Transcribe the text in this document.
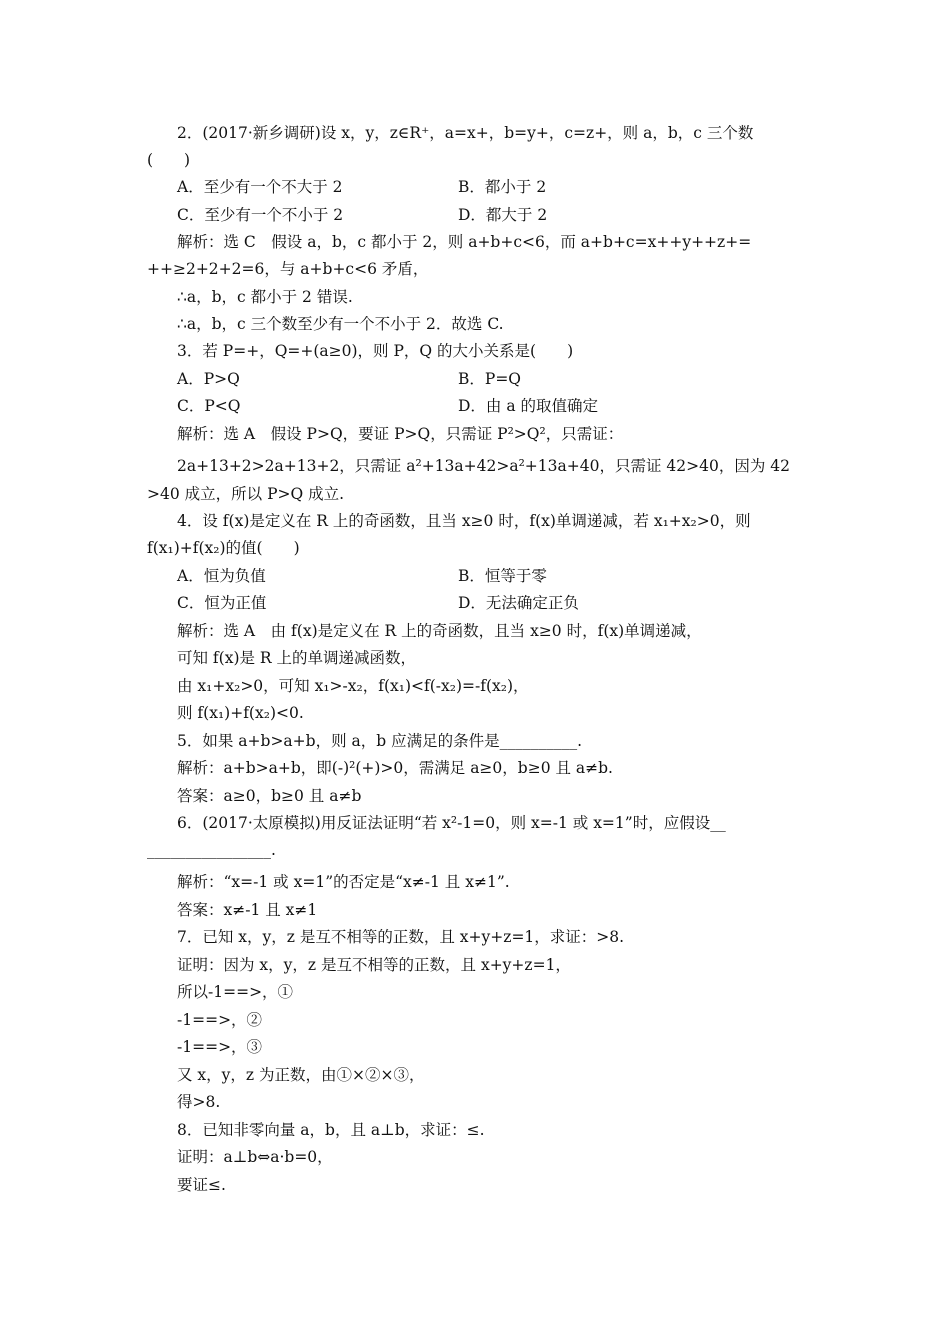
2．(2017·新乡调研)设 x，y，z∈R⁺，a=x+，b=y+，c=z+，则 a，b，c 三个数
(　　)
A．至少有一个不大于 2	B．都小于 2
C．至少有一个不小于 2	D．都大于 2
解析：选 C　假设 a，b，c 都小于 2，则 a+b+c<6，而 a+b+c=x++y++z+=
++≥2+2+2=6，与 a+b+c<6 矛盾，
∴a，b，c 都小于 2 错误.
∴a，b，c 三个数至少有一个不小于 2．故选 C.
3．若 P=+，Q=+(a≥0)，则 P，Q 的大小关系是(　　)
A．P>Q	B．P=Q
C．P<Q	D．由 a 的取值确定
解析：选 A　假设 P>Q，要证 P>Q，只需证 P²>Q²，只需证：
2a+13+2>2a+13+2，只需证 a²+13a+42>a²+13a+40，只需证 42>40，因为 42
>40 成立，所以 P>Q 成立.
4．设 f(x)是定义在 R 上的奇函数，且当 x≥0 时，f(x)单调递减，若 x₁+x₂>0，则
f(x₁)+f(x₂)的值(　　)
A．恒为负值	B．恒等于零
C．恒为正值	D．无法确定正负
解析：选 A　由 f(x)是定义在 R 上的奇函数，且当 x≥0 时，f(x)单调递减，
可知 f(x)是 R 上的单调递减函数，
由 x₁+x₂>0，可知 x₁>-x₂，f(x₁)<f(-x₂)=-f(x₂)，
则 f(x₁)+f(x₂)<0.
5．如果 a+b>a+b，则 a，b 应满足的条件是__________.
解析：a+b>a+b，即(-)²(+)>0，需满足 a≥0，b≥0 且 a≠b.
答案：a≥0，b≥0 且 a≠b
6．(2017·太原模拟)用反证法证明“若 x²-1=0，则 x=-1 或 x=1”时，应假设__
________________.
解析：“x=-1 或 x=1”的否定是“x≠-1 且 x≠1”.
答案：x≠-1 且 x≠1
7．已知 x，y，z 是互不相等的正数，且 x+y+z=1，求证：>8.
证明：因为 x，y，z 是互不相等的正数，且 x+y+z=1，
所以-1==>，①
-1==>，②
-1==>，③
又 x，y，z 为正数，由①×②×③，
得>8.
8．已知非零向量 a，b，且 a⊥b，求证：≤.
证明：a⊥b⇔a·b=0，
要证≤.
